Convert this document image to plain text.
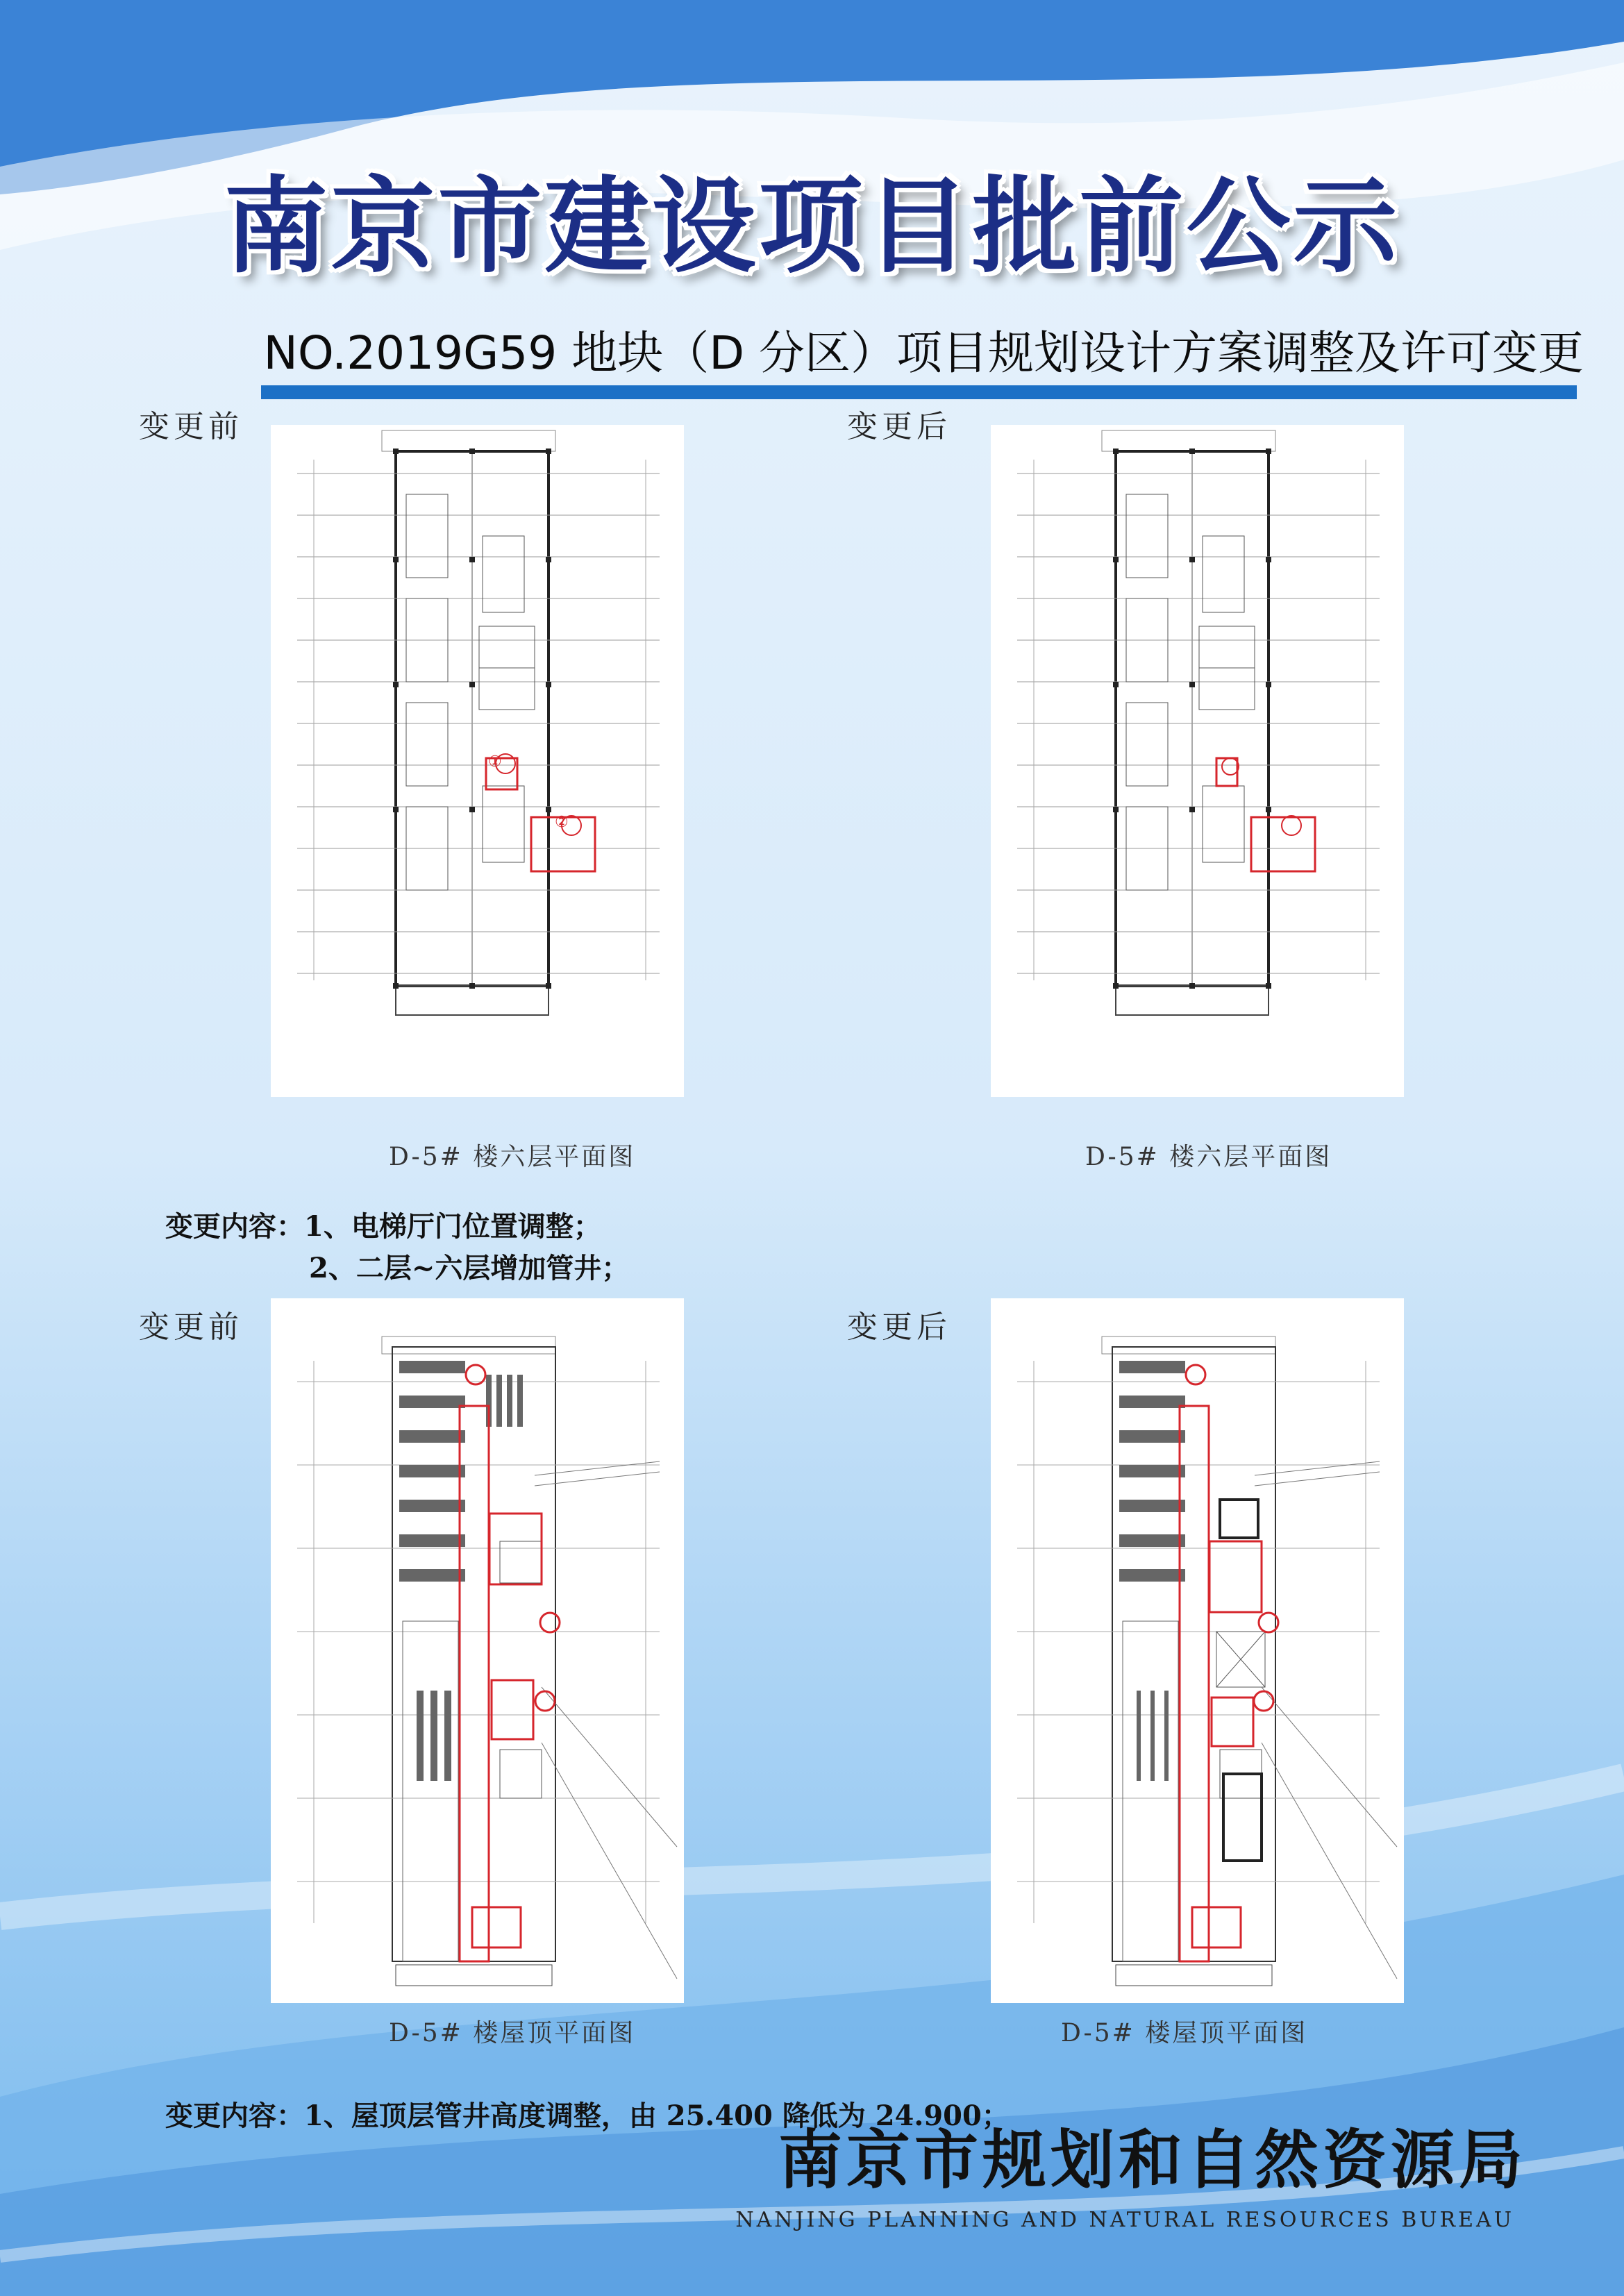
南京市建设项目批前公示
NO.2019G59 地块（D 分区）项目规划设计方案调整及许可变更
变更前	变更后
①
②
D-5# 楼六层平面图	D-5# 楼六层平面图
变更内容：1、电梯厅门位置调整；
2、二层~六层增加管井；
变更前	变更后
D-5# 楼屋顶平面图	D-5# 楼屋顶平面图
变更内容：1、屋顶层管井高度调整，由 25.400 降低为 24.900；
南京市规划和自然资源局
NANJING PLANNING AND NATURAL RESOURCES BUREAU
